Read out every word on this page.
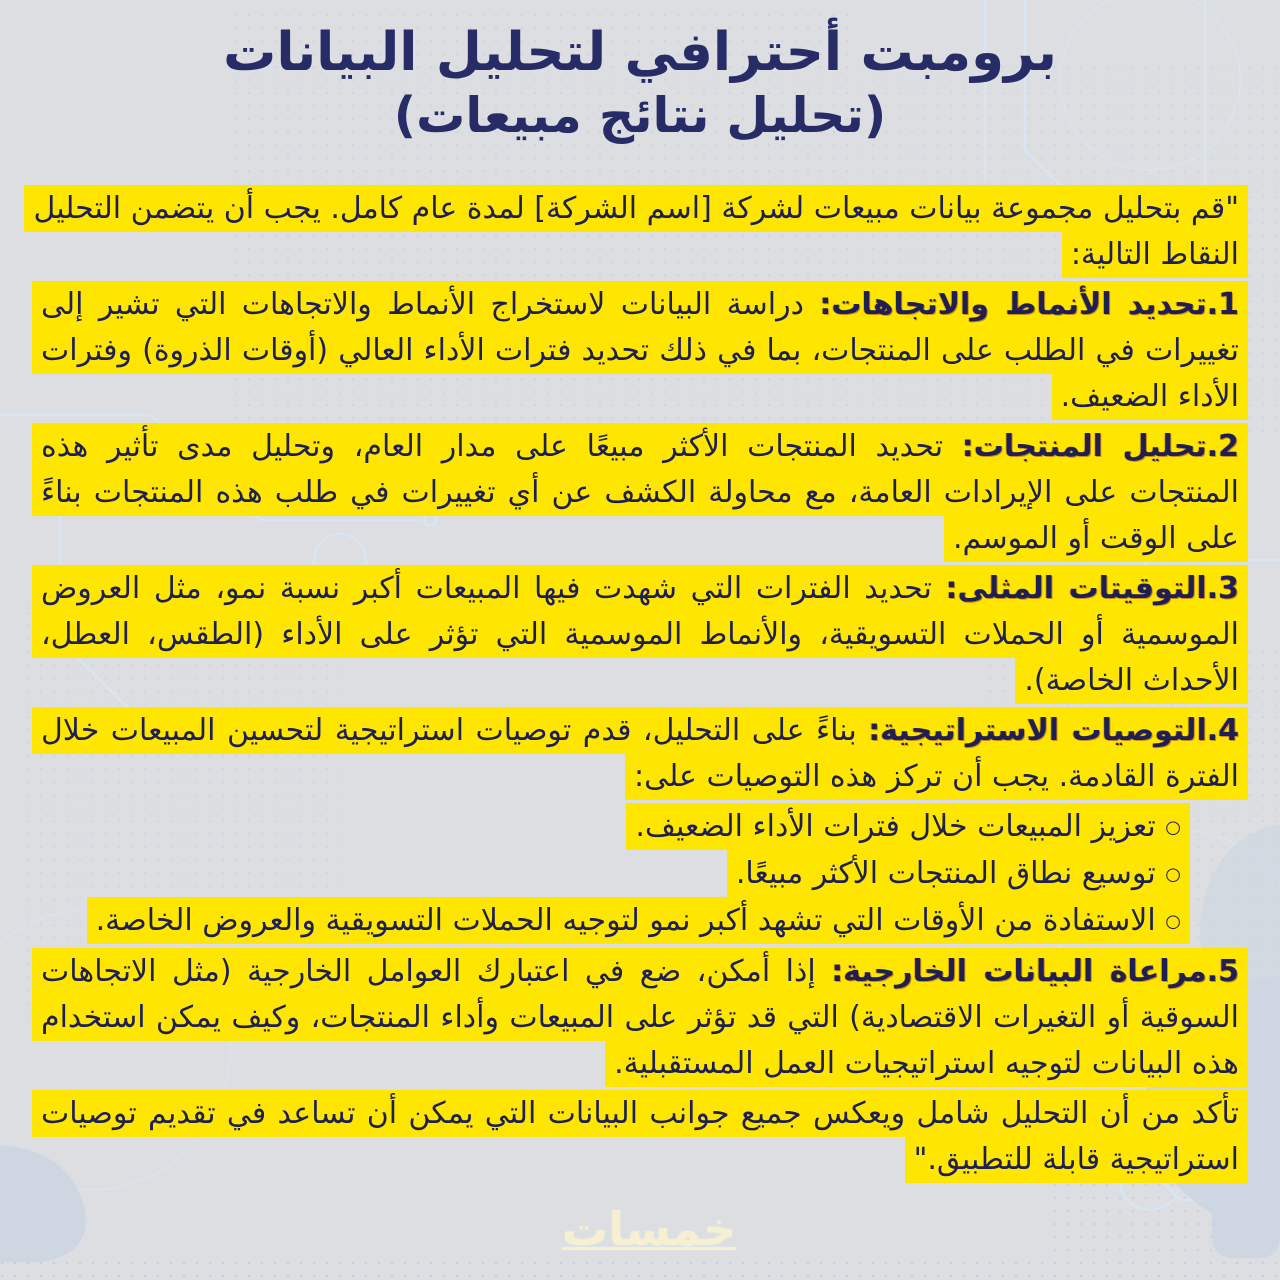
برومبت أحترافي لتحليل البيانات
(تحليل نتائج مبيعات)

"قم بتحليل مجموعة بيانات مبيعات لشركة [اسم الشركة] لمدة عام كامل. يجب أن يتضمن التحليل النقاط التالية:

1.تحديد الأنماط والاتجاهات: دراسة البيانات لاستخراج الأنماط والاتجاهات التي تشير إلى تغييرات في الطلب على المنتجات، بما في ذلك تحديد فترات الأداء العالي (أوقات الذروة) وفترات الأداء الضعيف.

2.تحليل المنتجات: تحديد المنتجات الأكثر مبيعًا على مدار العام، وتحليل مدى تأثير هذه المنتجات على الإيرادات العامة، مع محاولة الكشف عن أي تغييرات في طلب هذه المنتجات بناءً على الوقت أو الموسم.

3.التوقيتات المثلى: تحديد الفترات التي شهدت فيها المبيعات أكبر نسبة نمو، مثل العروض الموسمية أو الحملات التسويقية، والأنماط الموسمية التي تؤثر على الأداء (الطقس، العطل، الأحداث الخاصة).

4.التوصيات الاستراتيجية: بناءً على التحليل، قدم توصيات استراتيجية لتحسين المبيعات خلال الفترة القادمة. يجب أن تركز هذه التوصيات على:

○ تعزيز المبيعات خلال فترات الأداء الضعيف.
○ توسيع نطاق المنتجات الأكثر مبيعًا.
○ الاستفادة من الأوقات التي تشهد أكبر نمو لتوجيه الحملات التسويقية والعروض الخاصة.

5.مراعاة البيانات الخارجية: إذا أمكن، ضع في اعتبارك العوامل الخارجية (مثل الاتجاهات السوقية أو التغيرات الاقتصادية) التي قد تؤثر على المبيعات وأداء المنتجات، وكيف يمكن استخدام هذه البيانات لتوجيه استراتيجيات العمل المستقبلية.

تأكد من أن التحليل شامل ويعكس جميع جوانب البيانات التي يمكن أن تساعد في تقديم توصيات استراتيجية قابلة للتطبيق."

خمسات
